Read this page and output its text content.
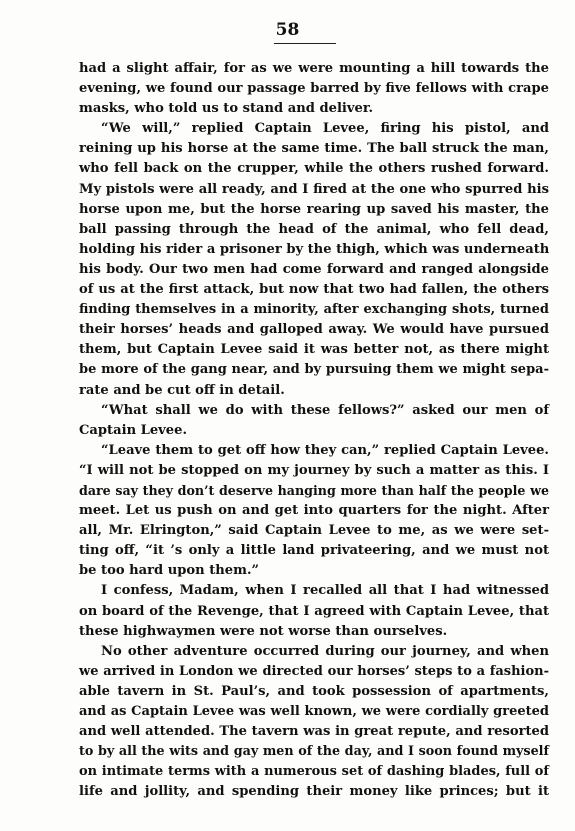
58
had a slight affair, for as we were mounting a hill towards the
evening, we found our passage barred by five fellows with crape
masks, who told us to stand and deliver.
“We will,” replied Captain Levee, firing his pistol, and
reining up his horse at the same time. The ball struck the man,
who fell back on the crupper, while the others rushed forward.
My pistols were all ready, and I fired at the one who spurred his
horse upon me, but the horse rearing up saved his master, the
ball passing through the head of the animal, who fell dead,
holding his rider a prisoner by the thigh, which was underneath
his body. Our two men had come forward and ranged alongside
of us at the first attack, but now that two had fallen, the others
finding themselves in a minority, after exchanging shots, turned
their horses’ heads and galloped away. We would have pursued
them, but Captain Levee said it was better not, as there might
be more of the gang near, and by pursuing them we might sepa-
rate and be cut off in detail.
“What shall we do with these fellows?” asked our men of
Captain Levee.
“Leave them to get off how they can,” replied Captain Levee.
“I will not be stopped on my journey by such a matter as this. I
dare say they don’t deserve hanging more than half the people we
meet. Let us push on and get into quarters for the night. After
all, Mr. Elrington,” said Captain Levee to me, as we were set-
ting off, “it ’s only a little land privateering, and we must not
be too hard upon them.”
I confess, Madam, when I recalled all that I had witnessed
on board of the Revenge, that I agreed with Captain Levee, that
these highwaymen were not worse than ourselves.
No other adventure occurred during our journey, and when
we arrived in London we directed our horses’ steps to a fashion-
able tavern in St. Paul’s, and took possession of apartments,
and as Captain Levee was well known, we were cordially greeted
and well attended. The tavern was in great repute, and resorted
to by all the wits and gay men of the day, and I soon found myself
on intimate terms with a numerous set of dashing blades, full of
life and jollity, and spending their money like princes; but it
